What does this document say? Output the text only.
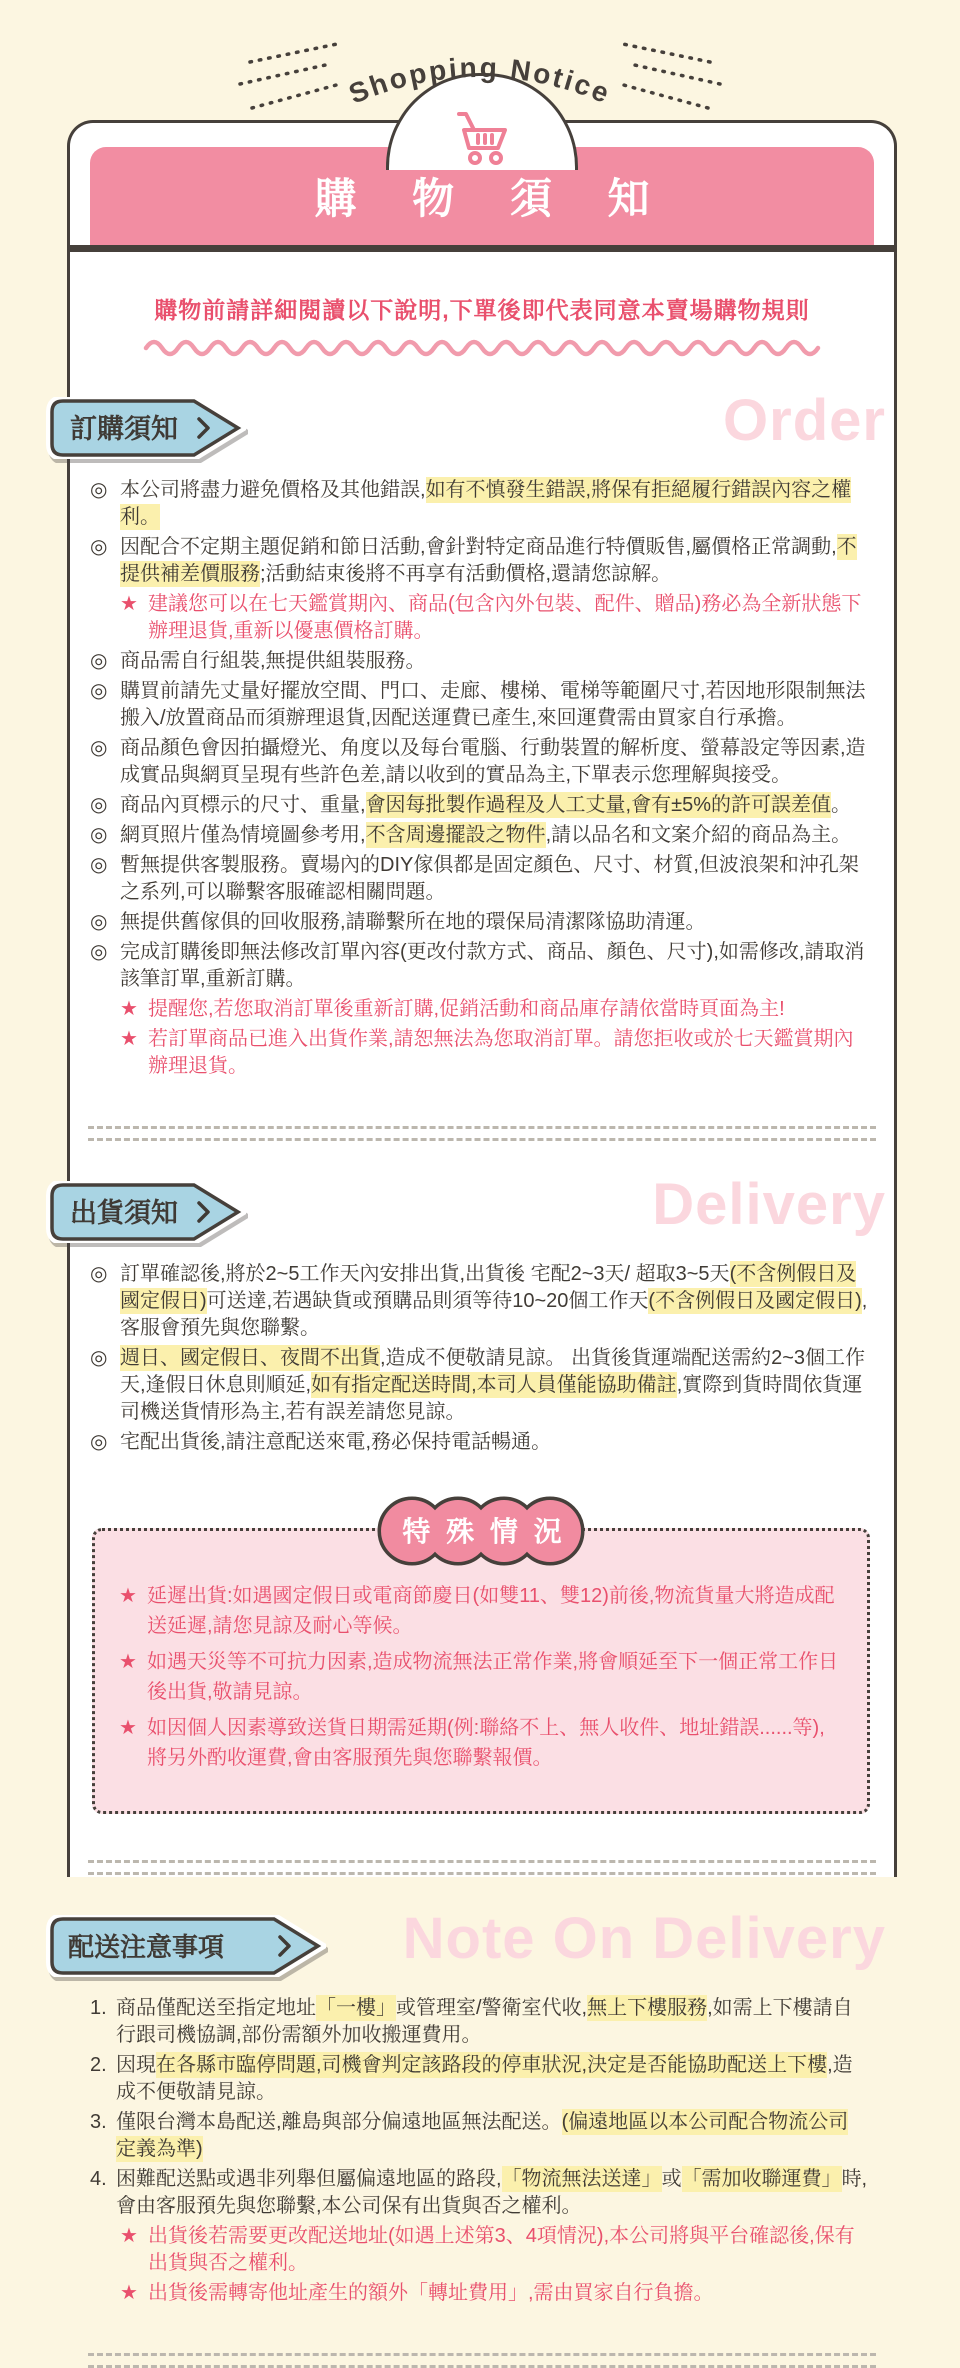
Shopping Notice
購 物 須 知
購物前請詳細閱讀以下說明,下單後即代表同意本賣場購物規則
訂購須知	Order
◎ 本公司將盡力避免價格及其他錯誤,如有不慎發生錯誤,將保有拒絕履行錯誤內容之權利。
◎ 因配合不定期主題促銷和節日活動,會針對特定商品進行特價販售,屬價格正常調動,不提供補差價服務;活動結束後將不再享有活動價格,還請您諒解。
★ 建議您可以在七天鑑賞期內、商品(包含內外包裝、配件、贈品)務必為全新狀態下辦理退貨,重新以優惠價格訂購。
◎ 商品需自行組裝,無提供組裝服務。
◎ 購買前請先丈量好擺放空間、門口、走廊、樓梯、電梯等範圍尺寸,若因地形限制無法搬入/放置商品而須辦理退貨,因配送運費已產生,來回運費需由買家自行承擔。
◎ 商品顏色會因拍攝燈光、角度以及每台電腦、行動裝置的解析度、螢幕設定等因素,造成實品與網頁呈現有些許色差,請以收到的實品為主,下單表示您理解與接受。
◎ 商品內頁標示的尺寸、重量,會因每批製作過程及人工丈量,會有±5%的許可誤差值。
◎ 網頁照片僅為情境圖參考用,不含周邊擺設之物件,請以品名和文案介紹的商品為主。
◎ 暫無提供客製服務。賣場內的DIY傢俱都是固定顏色、尺寸、材質,但波浪架和沖孔架之系列,可以聯繫客服確認相關問題。
◎ 無提供舊傢俱的回收服務,請聯繫所在地的環保局清潔隊協助清運。
◎ 完成訂購後即無法修改訂單內容(更改付款方式、商品、顏色、尺寸),如需修改,請取消該筆訂單,重新訂購。
★ 提醒您,若您取消訂單後重新訂購,促銷活動和商品庫存請依當時頁面為主!
★ 若訂單商品已進入出貨作業,請恕無法為您取消訂單。請您拒收或於七天鑑賞期內辦理退貨。
出貨須知	Delivery
◎ 訂單確認後,將於2~5工作天內安排出貨,出貨後 宅配2~3天/ 超取3~5天(不含例假日及國定假日)可送達,若遇缺貨或預購品則須等待10~20個工作天(不含例假日及國定假日),客服會預先與您聯繫。
◎ 週日、國定假日、夜間不出貨,造成不便敬請見諒。 出貨後貨運端配送需約2~3個工作天,逢假日休息則順延,如有指定配送時間,本司人員僅能協助備註,實際到貨時間依貨運司機送貨情形為主,若有誤差請您見諒。
◎ 宅配出貨後,請注意配送來電,務必保持電話暢通。
特 殊 情 況
★ 延遲出貨:如遇國定假日或電商節慶日(如雙11、雙12)前後,物流貨量大將造成配送延遲,請您見諒及耐心等候。
★ 如遇天災等不可抗力因素,造成物流無法正常作業,將會順延至下一個正常工作日後出貨,敬請見諒。
★ 如因個人因素導致送貨日期需延期(例:聯絡不上、無人收件、地址錯誤......等),將另外酌收運費,會由客服預先與您聯繫報價。
配送注意事項	Note On Delivery
1. 商品僅配送至指定地址「一樓」或管理室/警衛室代收,無上下樓服務,如需上下樓請自行跟司機協調,部份需額外加收搬運費用。
2. 因現在各縣市臨停問題,司機會判定該路段的停車狀況,決定是否能協助配送上下樓,造成不便敬請見諒。
3. 僅限台灣本島配送,離島與部分偏遠地區無法配送。(偏遠地區以本公司配合物流公司定義為準)
4. 困難配送點或遇非列舉但屬偏遠地區的路段,「物流無法送達」或「需加收聯運費」時,會由客服預先與您聯繫,本公司保有出貨與否之權利。
★ 出貨後若需要更改配送地址(如遇上述第3、4項情況),本公司將與平台確認後,保有出貨與否之權利。
★ 出貨後需轉寄他址產生的額外「轉址費用」,需由買家自行負擔。
